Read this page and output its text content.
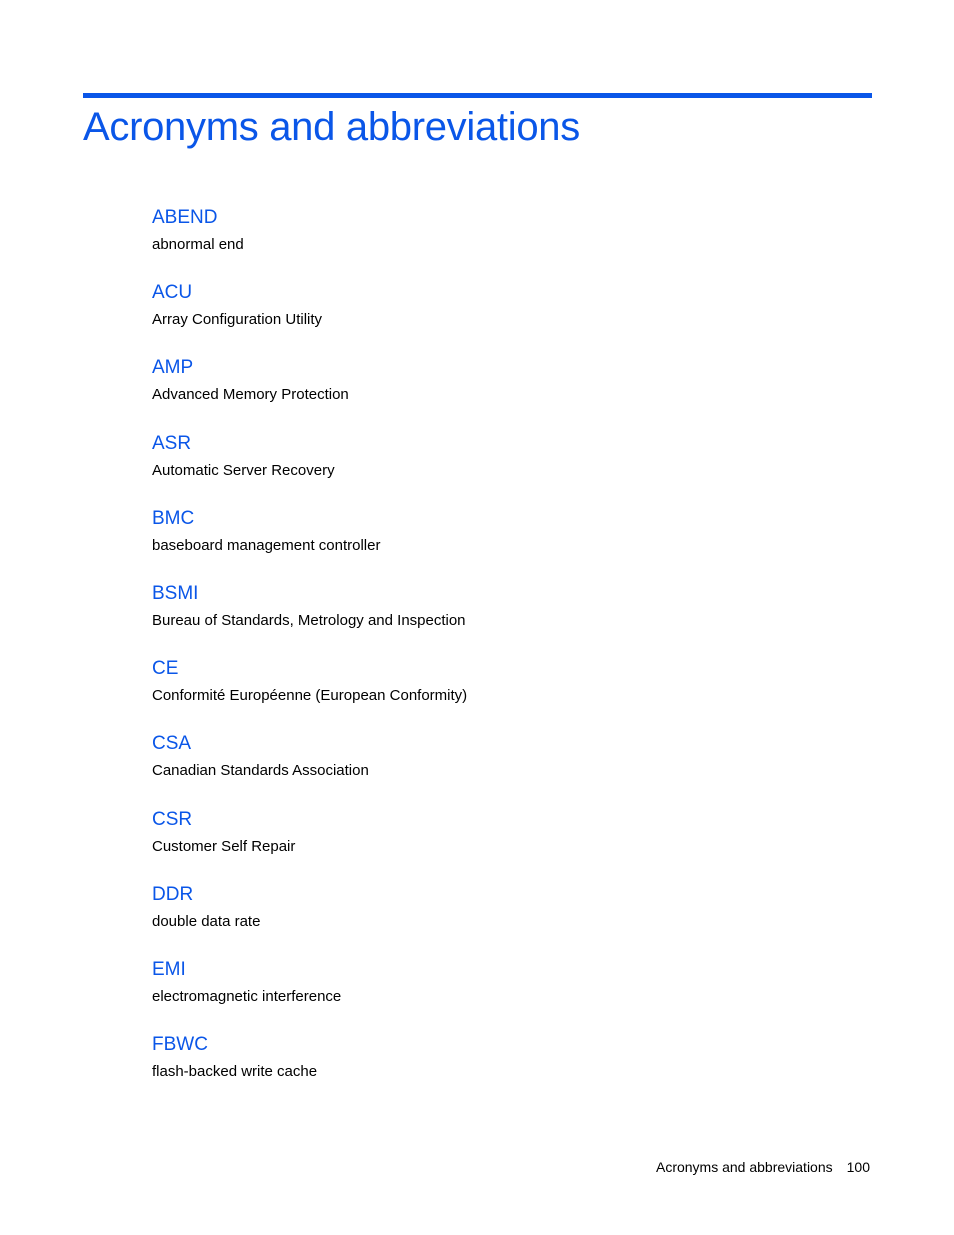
Acronyms and abbreviations
ABEND
abnormal end
ACU
Array Configuration Utility
AMP
Advanced Memory Protection
ASR
Automatic Server Recovery
BMC
baseboard management controller
BSMI
Bureau of Standards, Metrology and Inspection
CE
Conformité Européenne (European Conformity)
CSA
Canadian Standards Association
CSR
Customer Self Repair
DDR
double data rate
EMI
electromagnetic interference
FBWC
flash-backed write cache
Acronyms and abbreviations 100
